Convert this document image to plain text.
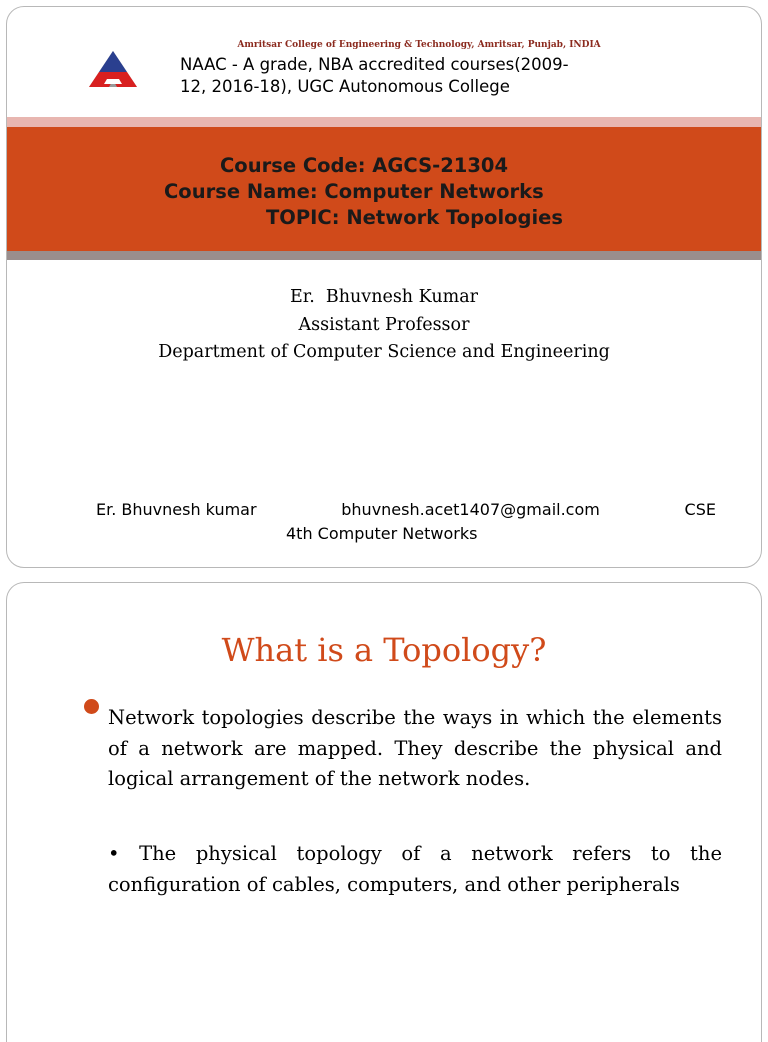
Amritsar College of Engineering & Technology, Amritsar, Punjab, INDIA
NAAC - A grade, NBA accredited courses(2009-
12, 2016-18), UGC Autonomous College
Course Code: AGCS-21304
Course Name: Computer Networks
TOPIC: Network Topologies
Er.  Bhuvnesh Kumar
Assistant Professor
Department of Computer Science and Engineering
Er. Bhuvnesh kumar	bhuvnesh.acet1407@gmail.com	CSE
4th Computer Networks
What is a Topology?
Network topologies describe the ways in which the elements of a network are mapped. They describe the physical and logical arrangement of the network nodes.
• The physical topology of a network refers to the configuration of cables, computers, and other peripherals
